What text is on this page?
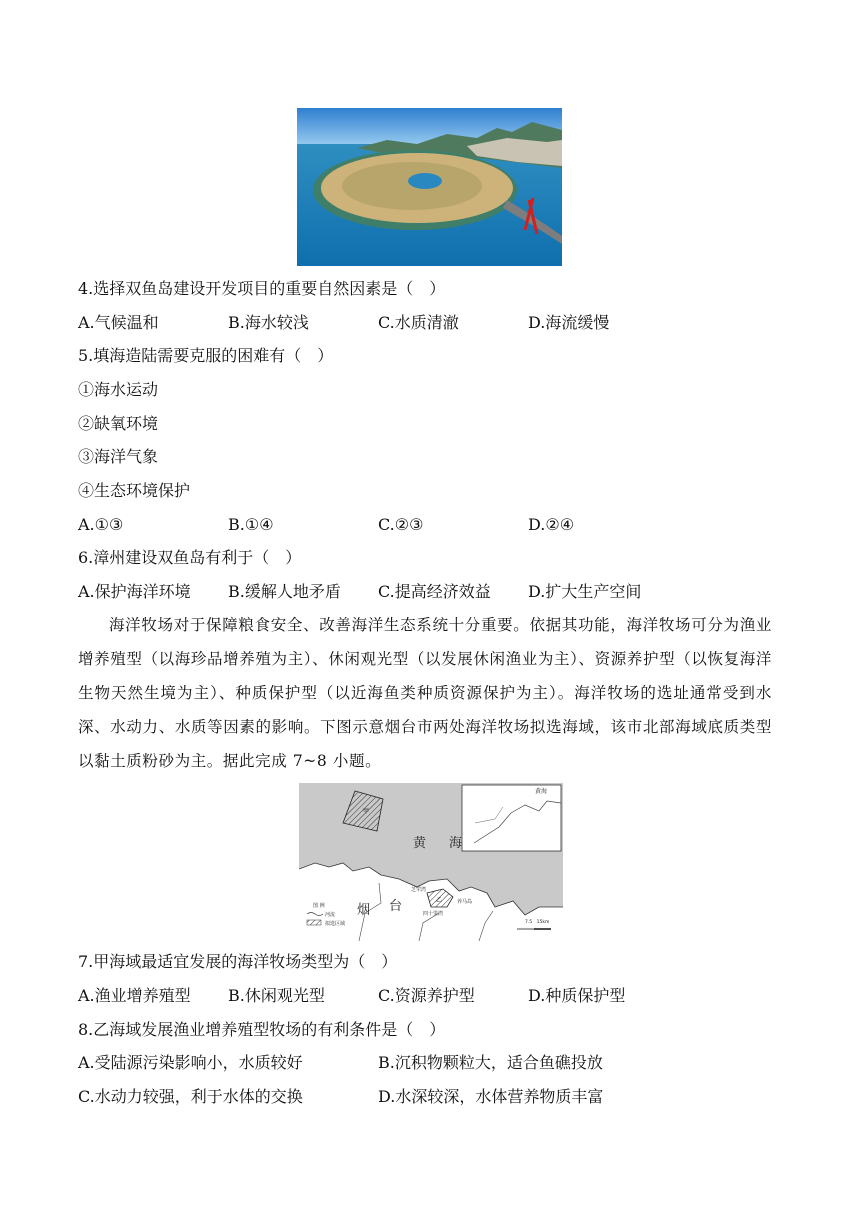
4.选择双鱼岛建设开发项目的重要自然因素是（　）
A.气候温和	B.海水较浅	C.水质清澈	D.海流缓慢
5.填海造陆需要克服的困难有（　）
①海水运动
②缺氧环境
③海洋气象
④生态环境保护
A.①③	B.①④	C.②③	D.②④
6.漳州建设双鱼岛有利于（　）
A.保护海洋环境 B.缓解人地矛盾 C.提高经济效益 D.扩大生产空间
海洋牧场对于保障粮食安全、改善海洋生态系统十分重要。依据其功能，海洋牧场可分为渔业增养殖型（以海珍品增养殖为主）、休闲观光型（以发展休闲渔业为主）、资源养护型（以恢复海洋生物天然生境为主）、种质保护型（以近海鱼类种质资源保护为主）。海洋牧场的选址通常受到水深、水动力、水质等因素的影响。下图示意烟台市两处海洋牧场拟选海域，该市北部海域底质类型以黏土质粉砂为主。据此完成 7~8 小题。
黄海
甲
乙
黄 海
烟 台
芝罘湾
四十里湾
养马岛
图 例
河流
拟选区域	7.5　15km
7.甲海域最适宜发展的海洋牧场类型为（　）
A.渔业增养殖型 B.休闲观光型	C.资源养护型	D.种质保护型
8.乙海域发展渔业增养殖型牧场的有利条件是（　）
A.受陆源污染影响小，水质较好	B.沉积物颗粒大，适合鱼礁投放
C.水动力较强，利于水体的交换	D.水深较深，水体营养物质丰富
